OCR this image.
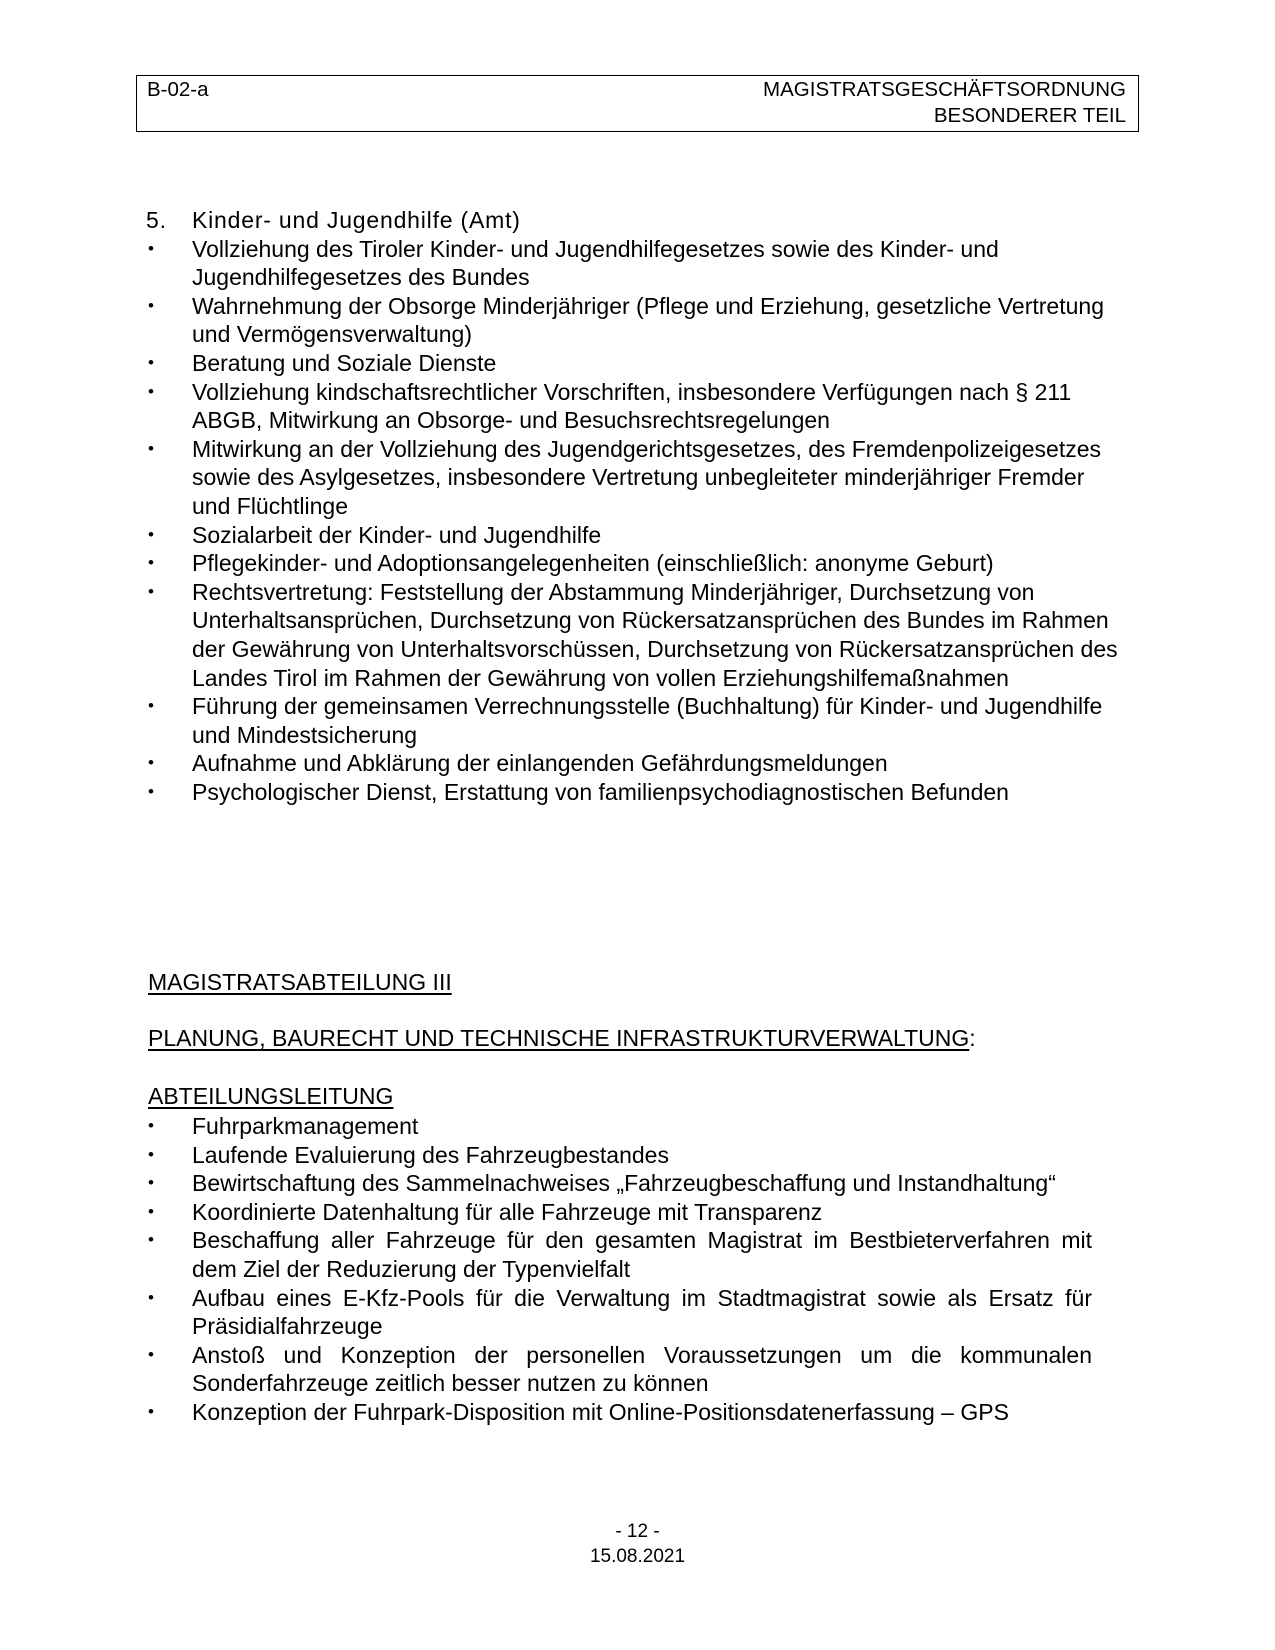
B-02-a	MAGISTRATSGESCHÄFTSORDNUNG
BESONDERER TEIL
5. Kinder- und Jugendhilfe (Amt)
• Vollziehung des Tiroler Kinder- und Jugendhilfegesetzes sowie des Kinder- und Jugendhilfegesetzes des Bundes
• Wahrnehmung der Obsorge Minderjähriger (Pflege und Erziehung, gesetzliche Vertretung und Vermögensverwaltung)
• Beratung und Soziale Dienste
• Vollziehung kindschaftsrechtlicher Vorschriften, insbesondere Verfügungen nach § 211 ABGB, Mitwirkung an Obsorge- und Besuchsrechtsregelungen
• Mitwirkung an der Vollziehung des Jugendgerichtsgesetzes, des Fremdenpolizeigesetzes sowie des Asylgesetzes, insbesondere Vertretung unbegleiteter minderjähriger Fremder und Flüchtlinge
• Sozialarbeit der Kinder- und Jugendhilfe
• Pflegekinder- und Adoptionsangelegenheiten (einschließlich: anonyme Geburt)
• Rechtsvertretung: Feststellung der Abstammung Minderjähriger, Durchsetzung von Unterhaltsansprüchen, Durchsetzung von Rückersatzansprüchen des Bundes im Rahmen der Gewährung von Unterhaltsvorschüssen, Durchsetzung von Rückersatzansprüchen des Landes Tirol im Rahmen der Gewährung von vollen Erziehungshilfemaßnahmen
• Führung der gemeinsamen Verrechnungsstelle (Buchhaltung) für Kinder- und Jugendhilfe und Mindestsicherung
• Aufnahme und Abklärung der einlangenden Gefährdungsmeldungen
• Psychologischer Dienst, Erstattung von familienpsychodiagnostischen Befunden
MAGISTRATSABTEILUNG III
PLANUNG, BAURECHT UND TECHNISCHE INFRASTRUKTURVERWALTUNG:
ABTEILUNGSLEITUNG
• Fuhrparkmanagement
• Laufende Evaluierung des Fahrzeugbestandes
• Bewirtschaftung des Sammelnachweises „Fahrzeugbeschaffung und Instandhaltung“
• Koordinierte Datenhaltung für alle Fahrzeuge mit Transparenz
• Beschaffung aller Fahrzeuge für den gesamten Magistrat im Bestbieterverfahren mit dem Ziel der Reduzierung der Typenvielfalt
• Aufbau eines E-Kfz-Pools für die Verwaltung im Stadtmagistrat sowie als Ersatz für Präsidialfahrzeuge
• Anstoß und Konzeption der personellen Voraussetzungen um die kommunalen Sonderfahrzeuge zeitlich besser nutzen zu können
• Konzeption der Fuhrpark-Disposition mit Online-Positionsdatenerfassung – GPS
- 12 -
15.08.2021
